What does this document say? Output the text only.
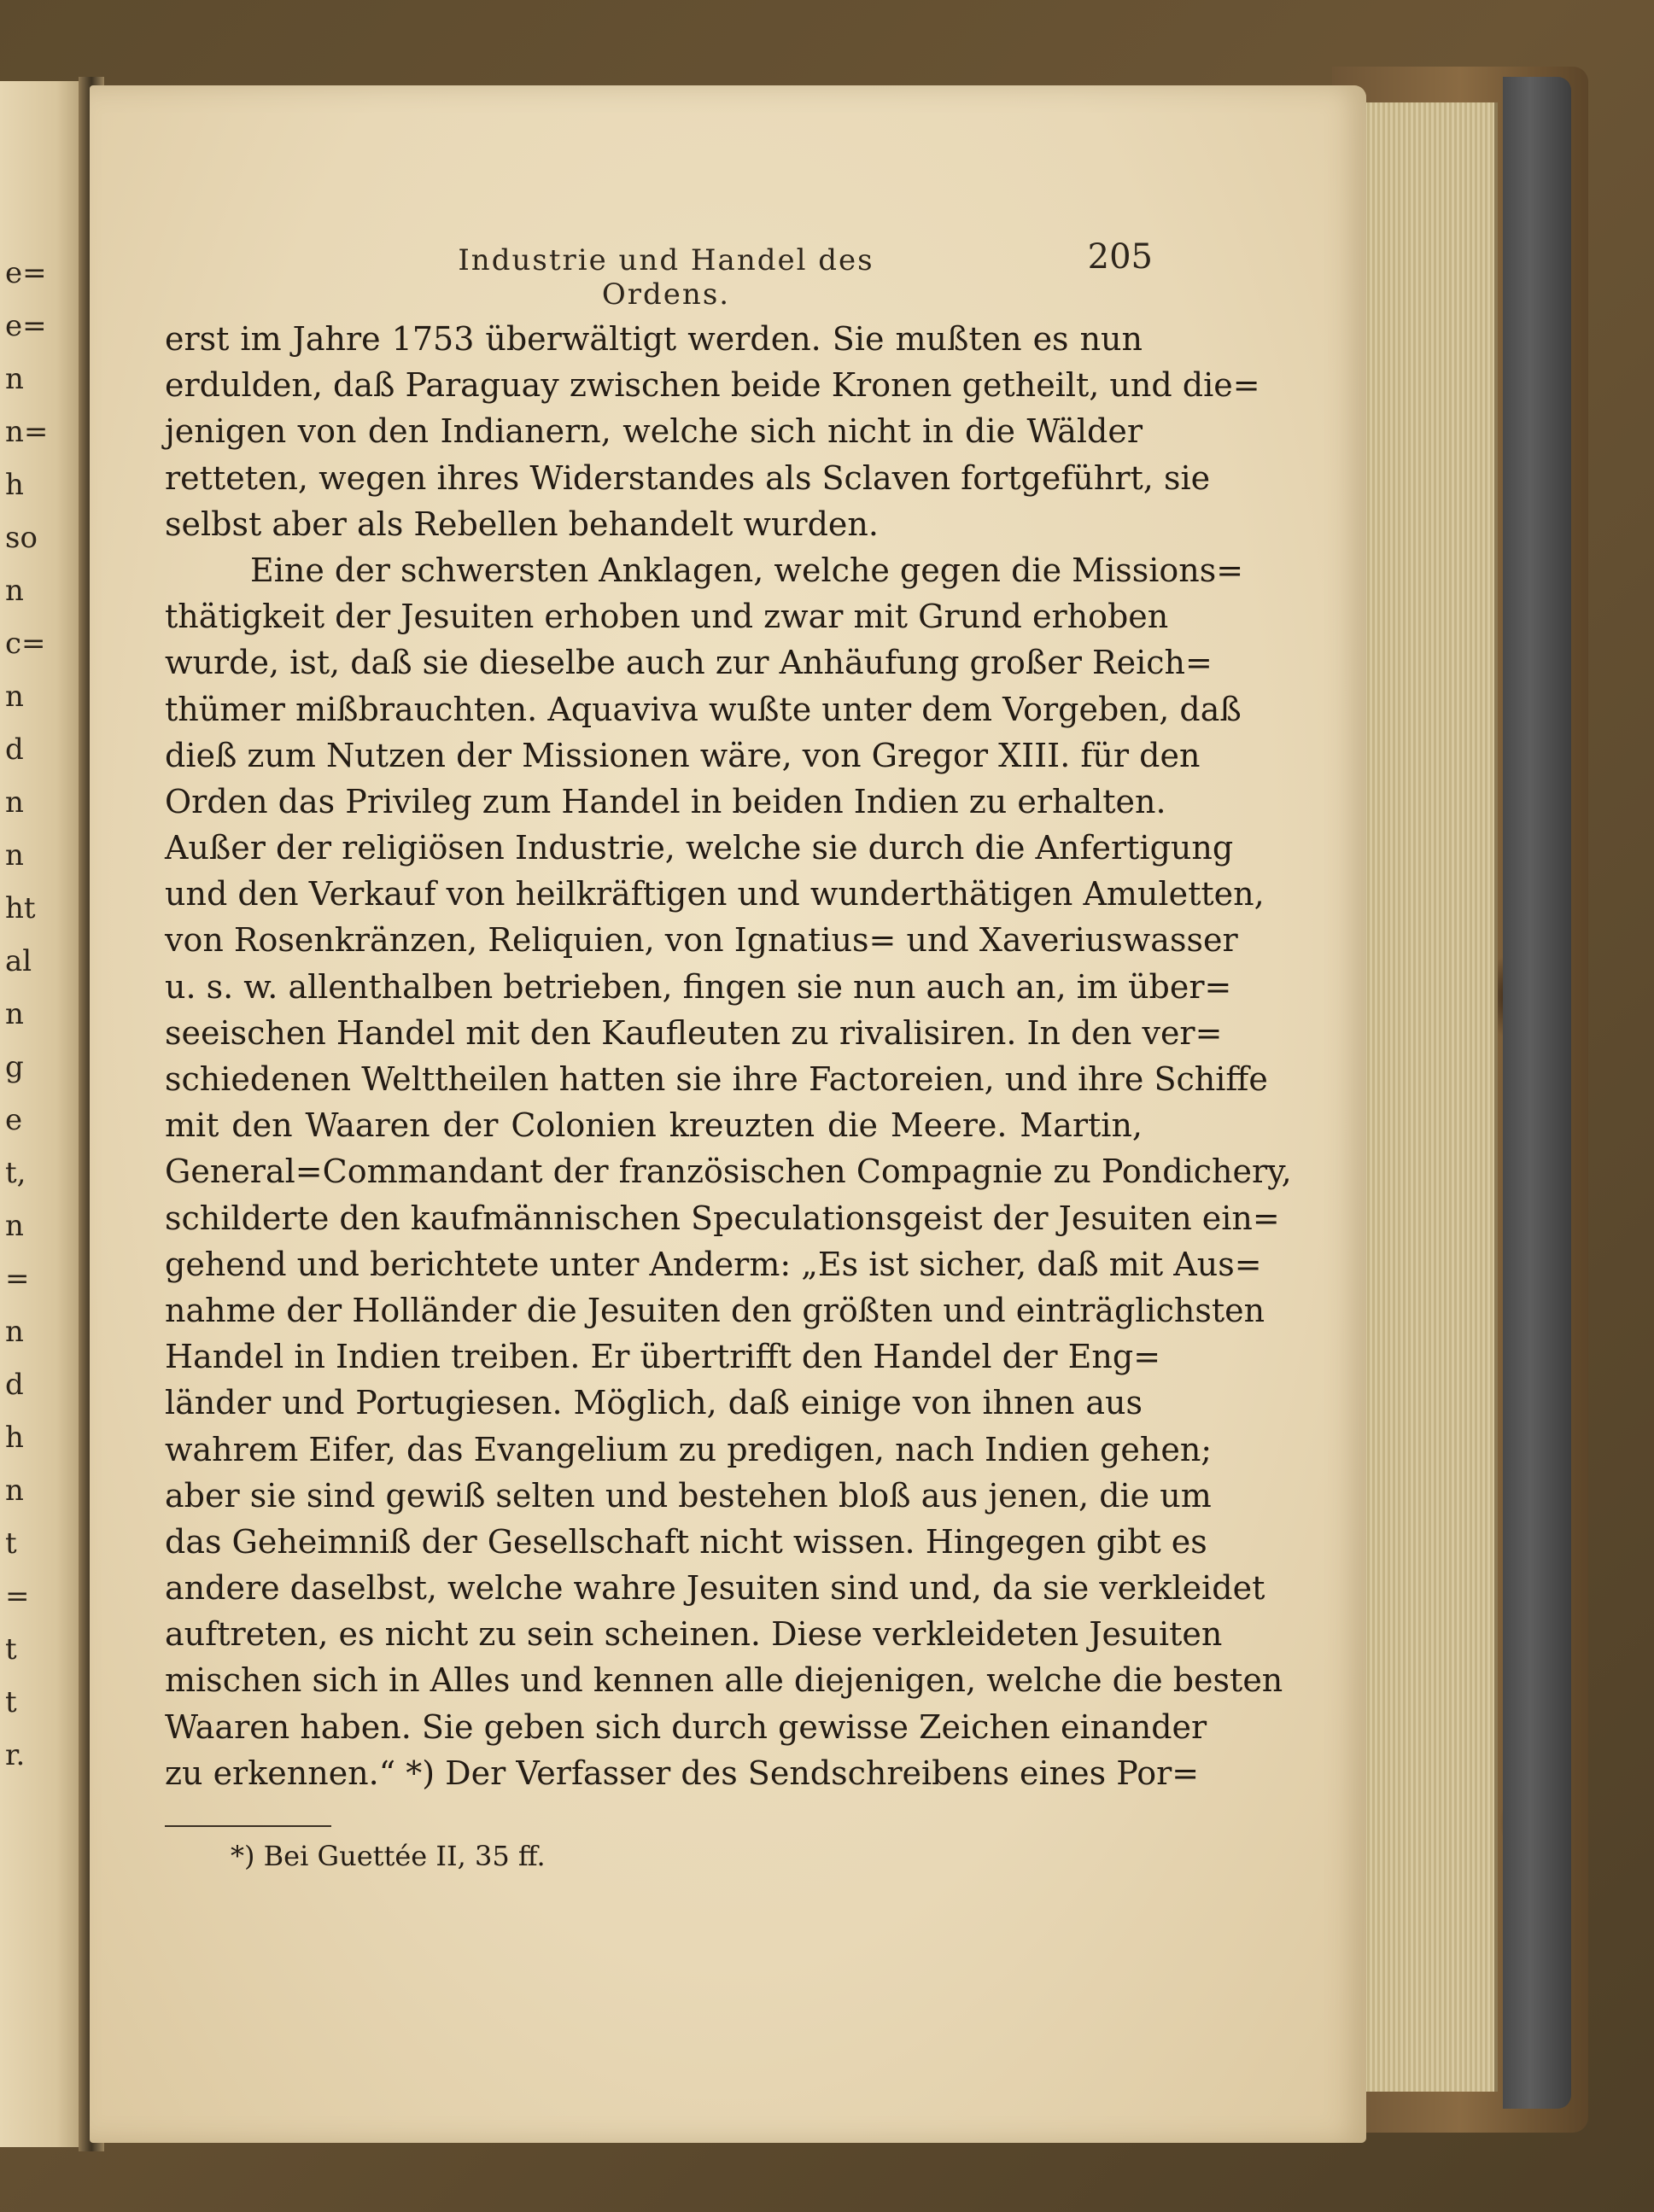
e=
e=
n
n=
h
so
n
c=
n
d
n
n
ht
al
n
g
e
t,
n
=
n
d
h
n
t
=
t
t
r.
Industrie und Handel des Ordens.
205
erst im Jahre 1753 überwältigt werden. Sie mußten es nun
erdulden, daß Paraguay zwischen beide Kronen getheilt, und die=
jenigen von den Indianern, welche sich nicht in die Wälder
retteten, wegen ihres Widerstandes als Sclaven fortgeführt, sie
selbst aber als Rebellen behandelt wurden.
Eine der schwersten Anklagen, welche gegen die Missions=
thätigkeit der Jesuiten erhoben und zwar mit Grund erhoben
wurde, ist, daß sie dieselbe auch zur Anhäufung großer Reich=
thümer mißbrauchten. Aquaviva wußte unter dem Vorgeben, daß
dieß zum Nutzen der Missionen wäre, von Gregor XIII. für den
Orden das Privileg zum Handel in beiden Indien zu erhalten.
Außer der religiösen Industrie, welche sie durch die Anfertigung
und den Verkauf von heilkräftigen und wunderthätigen Amuletten,
von Rosenkränzen, Reliquien, von Ignatius= und Xaveriuswasser
u. s. w. allenthalben betrieben, fingen sie nun auch an, im über=
seeischen Handel mit den Kaufleuten zu rivalisiren. In den ver=
schiedenen Welttheilen hatten sie ihre Factoreien, und ihre Schiffe
mit den Waaren der Colonien kreuzten die Meere. Martin,
General=Commandant der französischen Compagnie zu Pondichery,
schilderte den kaufmännischen Speculationsgeist der Jesuiten ein=
gehend und berichtete unter Anderm: „Es ist sicher, daß mit Aus=
nahme der Holländer die Jesuiten den größten und einträglichsten
Handel in Indien treiben. Er übertrifft den Handel der Eng=
länder und Portugiesen. Möglich, daß einige von ihnen aus
wahrem Eifer, das Evangelium zu predigen, nach Indien gehen;
aber sie sind gewiß selten und bestehen bloß aus jenen, die um
das Geheimniß der Gesellschaft nicht wissen. Hingegen gibt es
andere daselbst, welche wahre Jesuiten sind und, da sie verkleidet
auftreten, es nicht zu sein scheinen. Diese verkleideten Jesuiten
mischen sich in Alles und kennen alle diejenigen, welche die besten
Waaren haben. Sie geben sich durch gewisse Zeichen einander
zu erkennen.“ *) Der Verfasser des Sendschreibens eines Por=
*) Bei Guettée II, 35 ff.
